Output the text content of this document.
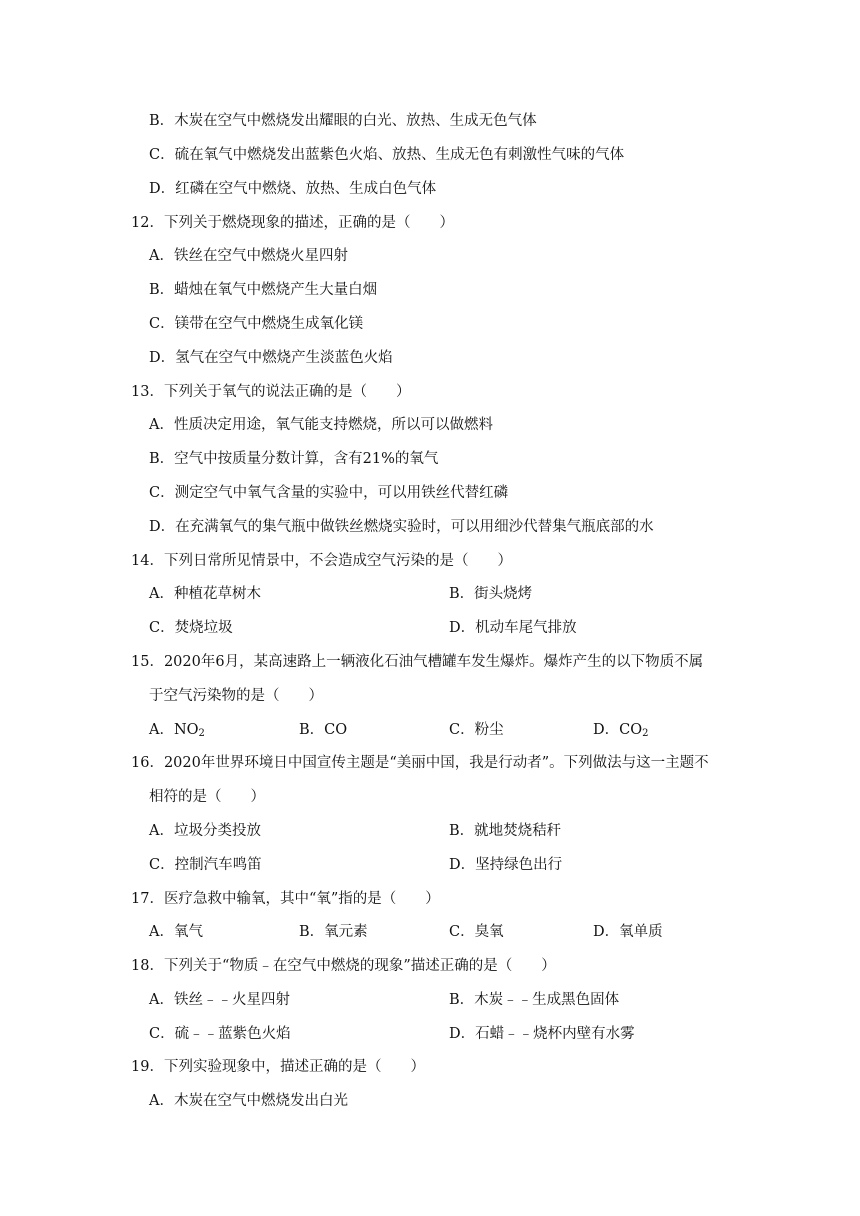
B．木炭在空气中燃烧发出耀眼的白光、放热、生成无色气体
C．硫在氧气中燃烧发出蓝紫色火焰、放热、生成无色有刺激性气味的气体
D．红磷在空气中燃烧、放热、生成白色气体
12．下列关于燃烧现象的描述，正确的是（　　）
A．铁丝在空气中燃烧火星四射
B．蜡烛在氧气中燃烧产生大量白烟
C．镁带在空气中燃烧生成氧化镁
D．氢气在空气中燃烧产生淡蓝色火焰
13．下列关于氧气的说法正确的是（　　）
A．性质决定用途，氧气能支持燃烧，所以可以做燃料
B．空气中按质量分数计算，含有21%的氧气
C．测定空气中氧气含量的实验中，可以用铁丝代替红磷
D．在充满氧气的集气瓶中做铁丝燃烧实验时，可以用细沙代替集气瓶底部的水
14．下列日常所见情景中，不会造成空气污染的是（　　）
A．种植花草树木	B．街头烧烤
C．焚烧垃圾	D．机动车尾气排放
15．2020年6月，某高速路上一辆液化石油气槽罐车发生爆炸。爆炸产生的以下物质不属
于空气污染物的是（　　）
A．$NO_2$	B．CO	C．粉尘	D．$CO_2$
16．2020年世界环境日中国宣传主题是“美丽中国，我是行动者”。下列做法与这一主题不
相符的是（　　）
A．垃圾分类投放	B．就地焚烧秸秆
C．控制汽车鸣笛	D．坚持绿色出行
17．医疗急救中输氧，其中“氧”指的是（　　）
A．氧气	B．氧元素	C．臭氧	D．氧单质
18．下列关于“物质﹣在空气中燃烧的现象”描述正确的是（　　）
A．铁丝﹣﹣火星四射	B．木炭﹣﹣生成黑色固体
C．硫﹣﹣蓝紫色火焰	D．石蜡﹣﹣烧杯内壁有水雾
19．下列实验现象中，描述正确的是（　　）
A．木炭在空气中燃烧发出白光
